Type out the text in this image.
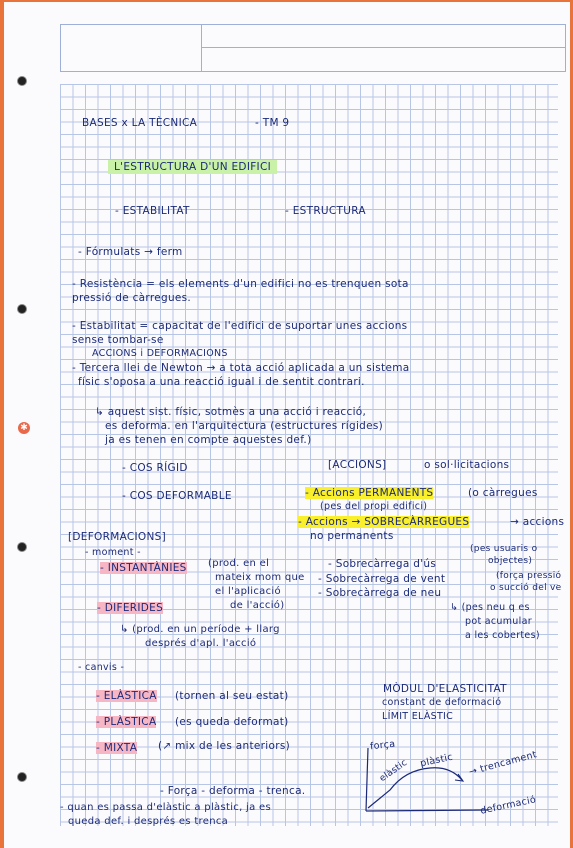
✱
BASES x LA TÈCNICA	- TM 9
L'ESTRUCTURA D'UN EDIFICI
- ESTABILITAT	- ESTRUCTURA
- Fórmulats → ferm
- Resistència = els elements d'un edifici no es trenquen sota
pressió de càrregues.
- Estabilitat = capacitat de l'edifici de suportar unes accions
sense tombar-se
ACCIONS i DEFORMACIONS
- Tercera llei de Newton → a tota acció aplicada a un sistema
físic s'oposa a una reacció igual i de sentit contrari.
↳ aquest sist. físic, sotmès a una acció i reacció,
es deforma. en l'arquitectura (estructures rígides)
ja es tenen en compte aquestes def.)
- COS RÍGID
- COS DEFORMABLE
[ACCIONS]	o sol·licitacions
- Accions PERMANENTS	(o càrregues
(pes del propi edifici)
- Accions → SOBRECÀRREGUES	→ accions
no permanents
[DEFORMACIONS]
- moment -
- INSTANTÀNIES (prod. en el
mateix mom que
el l'aplicació
de l'acció)
- DIFERIDES
↳ (prod. en un període + llarg
després d'apl. l'acció
- Sobrecàrrega d'ús
- Sobrecàrrega de vent
- Sobrecàrrega de neu
(pes usuaris o
objectes)
(força pressió
o succió del ve
↳ (pes neu q es
pot acumular
a les cobertes)
- canvis -
- ELÀSTICA (tornen al seu estat)
- PLÀSTICA (es queda deformat)
- MIXTA (↗ mix de les anteriors)
MÒDUL D'ELASTICITAT
constant de deformació
LÍMIT ELÀSTIC
força
elàstic plàstic → trencament
deformació
- Força - deforma - trenca.
- quan es passa d'elàstic a plàstic, ja es
queda def. i després es trenca
